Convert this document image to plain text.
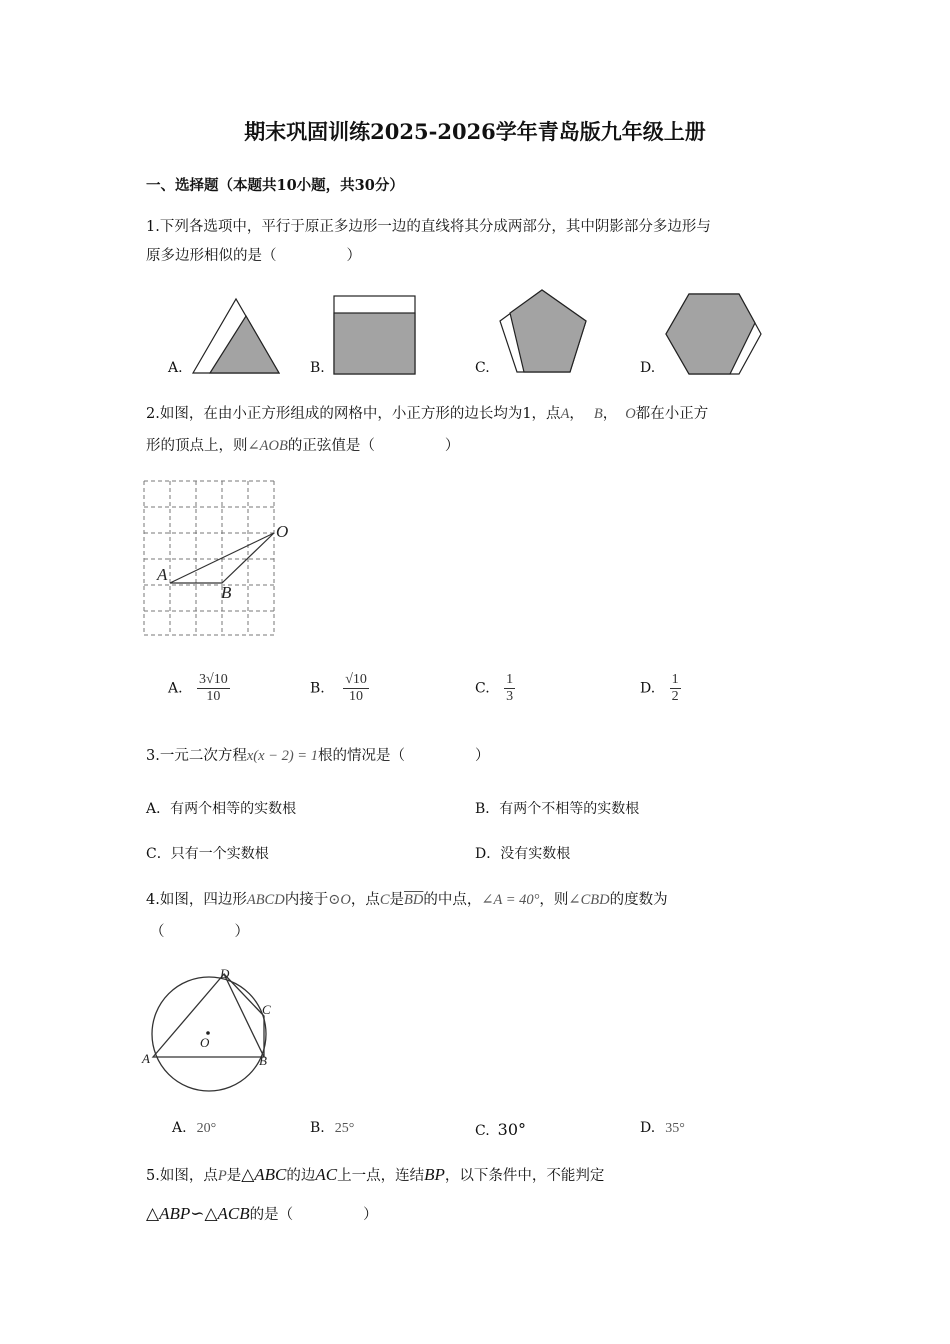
期末巩固训练2025-2026学年青岛版九年级上册
一、选择题（本题共10小题，共30分）
1.下列各选项中，平行于原正多边形一边的直线将其分成两部分，其中阴影部分多边形与
原多边形相似的是（	）
A.	B.	C.	D.
2.如图，在由小正方形组成的网格中，小正方形的边长均为1，点A， B， O都在小正方
形的顶点上，则∠AOB的正弦值是（	）
O
A
B
A. $\frac{3√10}{10}$	B. $\frac{√10}{10}$	C. $\frac{1}{3}$	D. $\frac{1}{2}$
3.一元二次方程x(x − 2) = 1根的情况是（	）
A．有两个相等的实数根	B．有两个不相等的实数根
C．只有一个实数根	D．没有实数根
4.如图，四边形ABCD内接于⊙O，点C是$\overline{BD}$的中点，∠A = 40°，则∠CBD的度数为
（	）
D
C
O
A	B
A. 20°	B. 25°	C. 30°	D. 35°
5.如图，点P是△ABC的边AC上一点，连结BP，以下条件中，不能判定
△ABP∽△ACB的是（	）
